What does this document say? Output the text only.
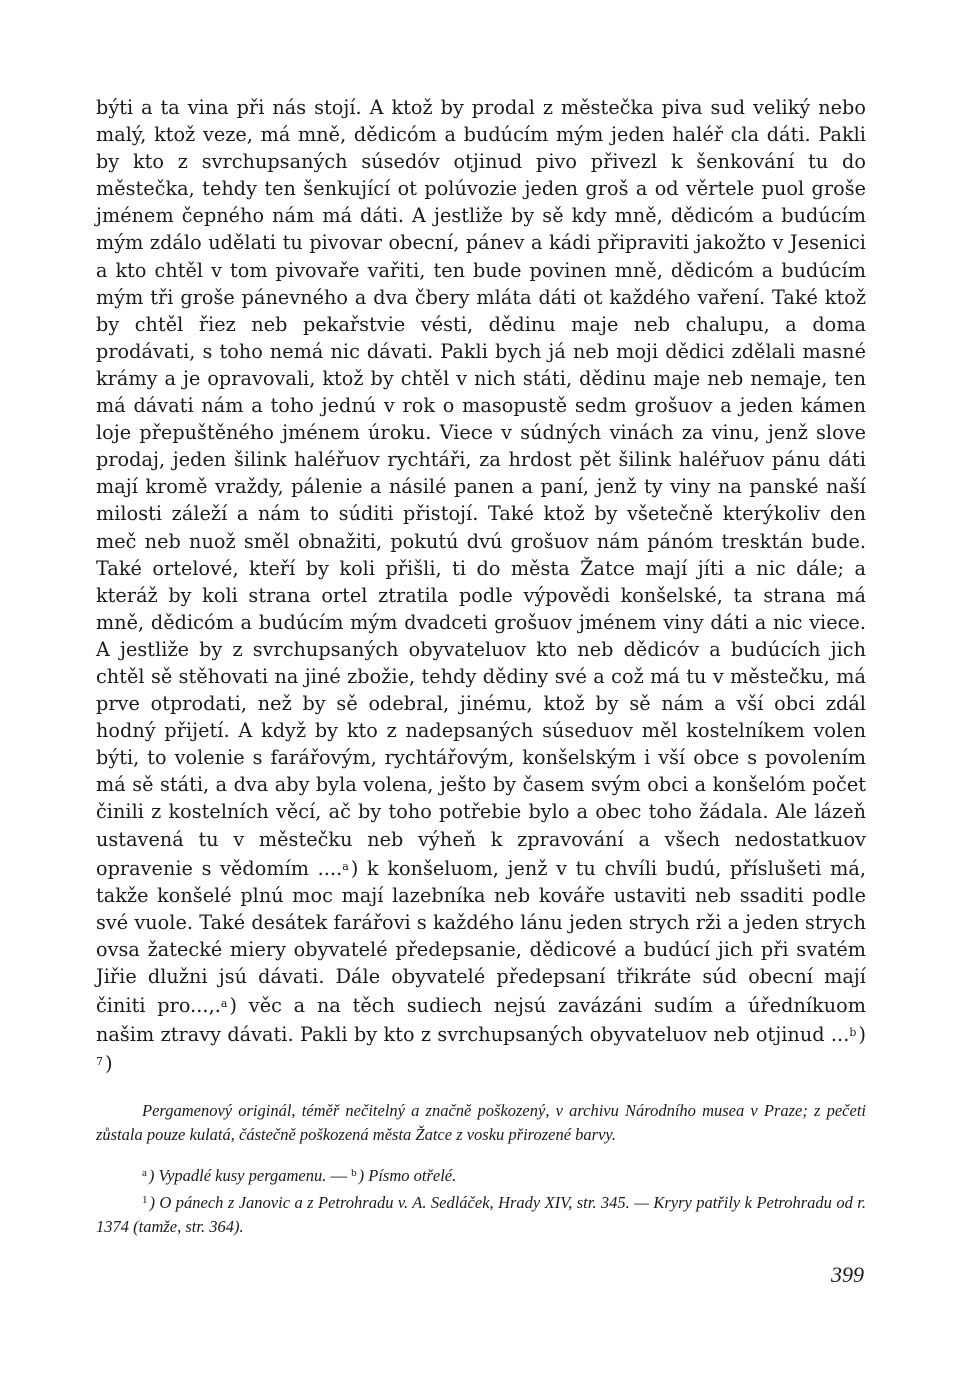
býti a ta vina při nás stojí. A ktož by prodal z městečka piva sud veliký nebo malý, ktož veze, má mně, dědicóm a budúcím mým jeden haléř cla dáti. Pakli by kto z svrchupsaných súsedóv otjinud pivo přivezl k šenkování tu do městečka, tehdy ten šenkující ot polúvozie jeden groš a od věrtele puol groše jménem čepného nám má dáti. A jestliže by sě kdy mně, dědicóm a budúcím mým zdálo udělati tu pivovar obecní, pánev a kádi připraviti jakožto v Jesenici a kto chtěl v tom pivovaře vařiti, ten bude povinen mně, dědicóm a budúcím mým tři groše pánevného a dva čbery mláta dáti ot každého vaření. Také ktož by chtěl řiez neb pekařstvie vésti, dědinu maje neb chalupu, a doma prodávati, s toho nemá nic dávati. Pakli bych já neb moji dědici zdělali masné krámy a je opravovali, ktož by chtěl v nich státi, dědinu maje neb nemaje, ten má dávati nám a toho jednú v rok o masopustě sedm grošuov a jeden kámen loje přepuštěného jménem úroku. Viece v súdných vinách za vinu, jenž slove prodaj, jeden šilink haléřuov rychtáři, za hrdost pět šilink haléřuov pánu dáti mají kromě vraždy, pálenie a násilé panen a paní, jenž ty viny na panské naší milosti záleží a nám to súditi přistojí. Také ktož by všetečně kterýkoliv den meč neb nuož směl obnažiti, pokutú dvú grošuov nám pánóm tresktán bude. Také ortelové, kteří by koli přišli, ti do města Žatce mají jíti a nic dále; a kteráž by koli strana ortel ztratila podle výpovědi konšelské, ta strana má mně, dědicóm a budúcím mým dvadceti grošuov jménem viny dáti a nic viece. A jestliže by z svrchupsaných obyvateluov kto neb dědicóv a budúcích jich chtěl sě stěhovati na jiné zbožie, tehdy dědiny své a což má tu v městečku, má prve otprodati, než by sě odebral, jinému, ktož by sě nám a vší obci zdál hodný přijetí. A když by kto z nadepsaných súseduov měl kostelníkem volen býti, to volenie s farářovým, rychtářovým, konšelským i vší obce s povolením má sě státi, a dva aby byla volena, ješto by časem svým obci a konšelóm počet činili z kostelních věcí, ač by toho potřebie bylo a obec toho žádala. Ale lázeň ustavená tu v městečku neb výheň k zpravování a všech nedostatkuov opravenie s vědomím ....$^a$ ) k konšeluom, jenž v tu chvíli budú, příslušeti má, takže konšelé plnú moc mají lazebníka neb kováře ustaviti neb ssaditi podle své vuole. Také desátek farářovi s každého lánu jeden strych rži a jeden strych ovsa žatecké miery obyvatelé předepsanie, dědicové a budúcí jich při svatém Jiřie dlužni jsú dávati. Dále obyvatelé předepsaní třikráte súd obecní mají činiti pro...,.$^a$ ) věc a na těch sudiech nejsú zavázáni sudím a úředníkuom našim ztravy dávati. Pakli by kto z svrchupsaných obyvateluov neb otjinud ...$^b$ ) $^7$ )

Pergamenový originál, téměř nečitelný a značně poškozený, v archivu Národního musea v Praze; z pečeti zůstala pouze kulatá, částečně poškozená města Žatce z vosku přirozené barvy.

$^a$ ) Vypadlé kusy pergamenu. — $^b$ ) Písmo otřelé.

$^1$ ) O pánech z Janovic a z Petrohradu v. A. Sedláček, Hrady XIV, str. 345. — Kryry patřily k Petrohradu od r. 1374 (tamže, str. 364).

399
